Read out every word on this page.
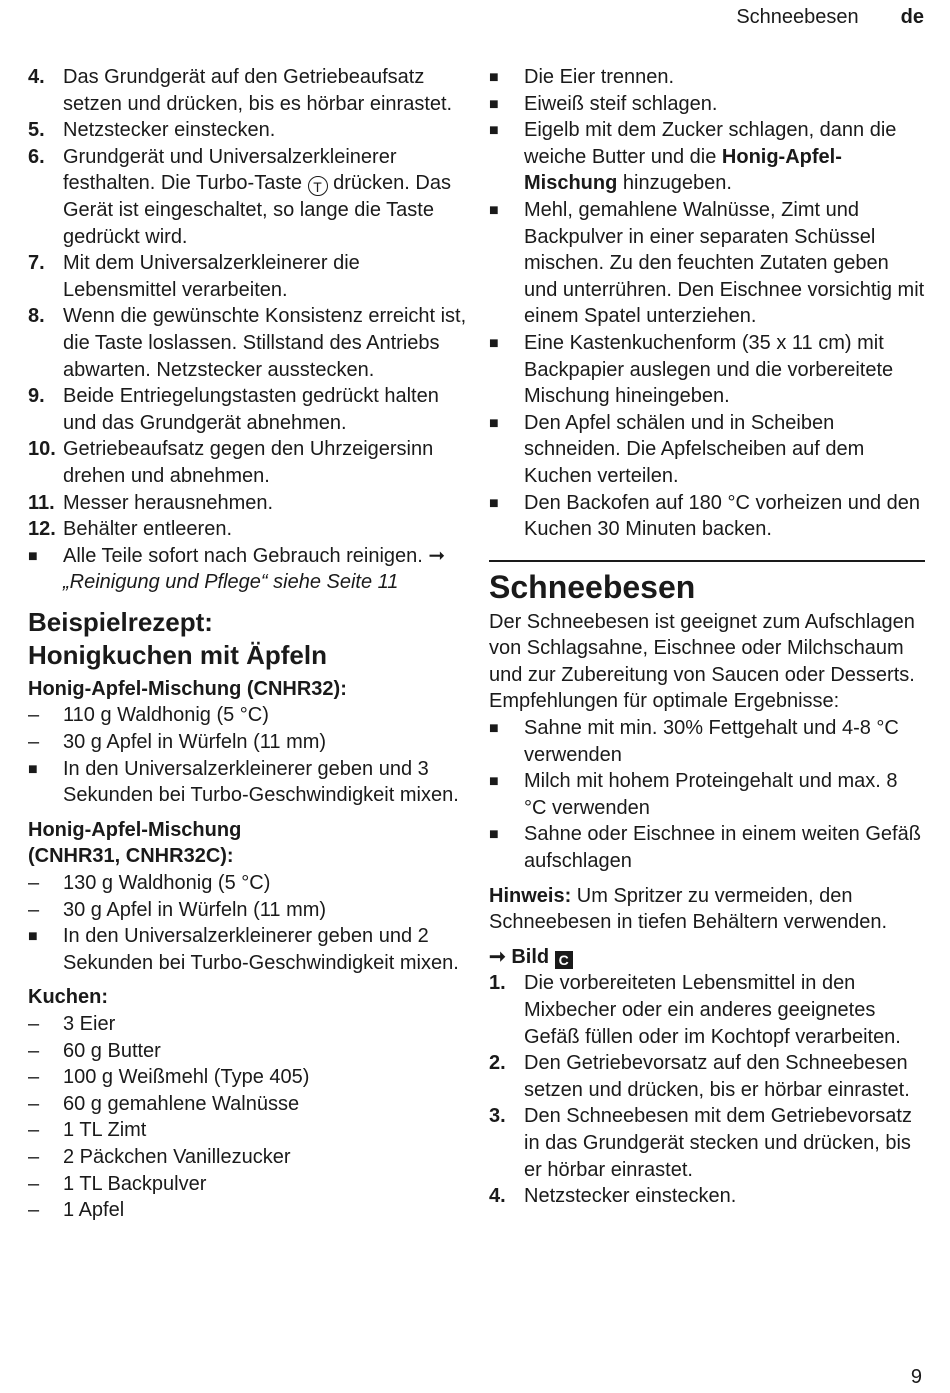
Schneebesen de
4. Das Grundgerät auf den Getriebeaufsatz setzen und drücken, bis es hörbar einrastet.
5. Netzstecker einstecken.
6. Grundgerät und Universalzerkleinerer festhalten. Die Turbo-Taste T drücken. Das Gerät ist eingeschaltet, so lange die Taste gedrückt wird.
7. Mit dem Universalzerkleinerer die Lebensmittel verarbeiten.
8. Wenn die gewünschte Konsistenz erreicht ist, die Taste loslassen. Stillstand des Antriebs abwarten. Netzstecker ausstecken.
9. Beide Entriegelungstasten gedrückt halten und das Grundgerät abnehmen.
10. Getriebeaufsatz gegen den Uhrzeigersinn drehen und abnehmen.
11. Messer herausnehmen.
12. Behälter entleeren.
■ Alle Teile sofort nach Gebrauch reinigen. ➞ „Reinigung und Pflege“ siehe Seite 11
Beispielrezept:
Honigkuchen mit Äpfeln
Honig-Apfel-Mischung (CNHR32):
– 110 g Waldhonig (5 °C)
– 30 g Apfel in Würfeln (11 mm)
■ In den Universalzerkleinerer geben und 3 Sekunden bei Turbo-Geschwindigkeit mixen.
Honig-Apfel-Mischung
(CNHR31, CNHR32C):
– 130 g Waldhonig (5 °C)
– 30 g Apfel in Würfeln (11 mm)
■ In den Universalzerkleinerer geben und 2 Sekunden bei Turbo-Geschwindigkeit mixen.
Kuchen:
– 3 Eier
– 60 g Butter
– 100 g Weißmehl (Type 405)
– 60 g gemahlene Walnüsse
– 1 TL Zimt
– 2 Päckchen Vanillezucker
– 1 TL Backpulver
– 1 Apfel
■ Die Eier trennen.
■ Eiweiß steif schlagen.
■ Eigelb mit dem Zucker schlagen, dann die weiche Butter und die Honig-Apfel-Mischung hinzugeben.
■ Mehl, gemahlene Walnüsse, Zimt und Backpulver in einer separaten Schüssel mischen. Zu den feuchten Zutaten geben und unterrühren. Den Eischnee vorsichtig mit einem Spatel unterziehen.
■ Eine Kastenkuchenform (35 x 11 cm) mit Backpapier auslegen und die vorbereitete Mischung hineingeben.
■ Den Apfel schälen und in Scheiben schneiden. Die Apfelscheiben auf dem Kuchen verteilen.
■ Den Backofen auf 180 °C vorheizen und den Kuchen 30 Minuten backen.
Schneebesen
Der Schneebesen ist geeignet zum Aufschlagen von Schlagsahne, Eischnee oder Milchschaum und zur Zubereitung von Saucen oder Desserts. Empfehlungen für optimale Ergebnisse:
■ Sahne mit min. 30% Fettgehalt und 4-8 °C verwenden
■ Milch mit hohem Proteingehalt und max. 8 °C verwenden
■ Sahne oder Eischnee in einem weiten Gefäß aufschlagen
Hinweis: Um Spritzer zu vermeiden, den Schneebesen in tiefen Behältern verwenden.
➞ Bild C
1. Die vorbereiteten Lebensmittel in den Mixbecher oder ein anderes geeignetes Gefäß füllen oder im Kochtopf verarbeiten.
2. Den Getriebevorsatz auf den Schneebesen setzen und drücken, bis er hörbar einrastet.
3. Den Schneebesen mit dem Getriebevorsatz in das Grundgerät stecken und drücken, bis er hörbar einrastet.
4. Netzstecker einstecken.
9
